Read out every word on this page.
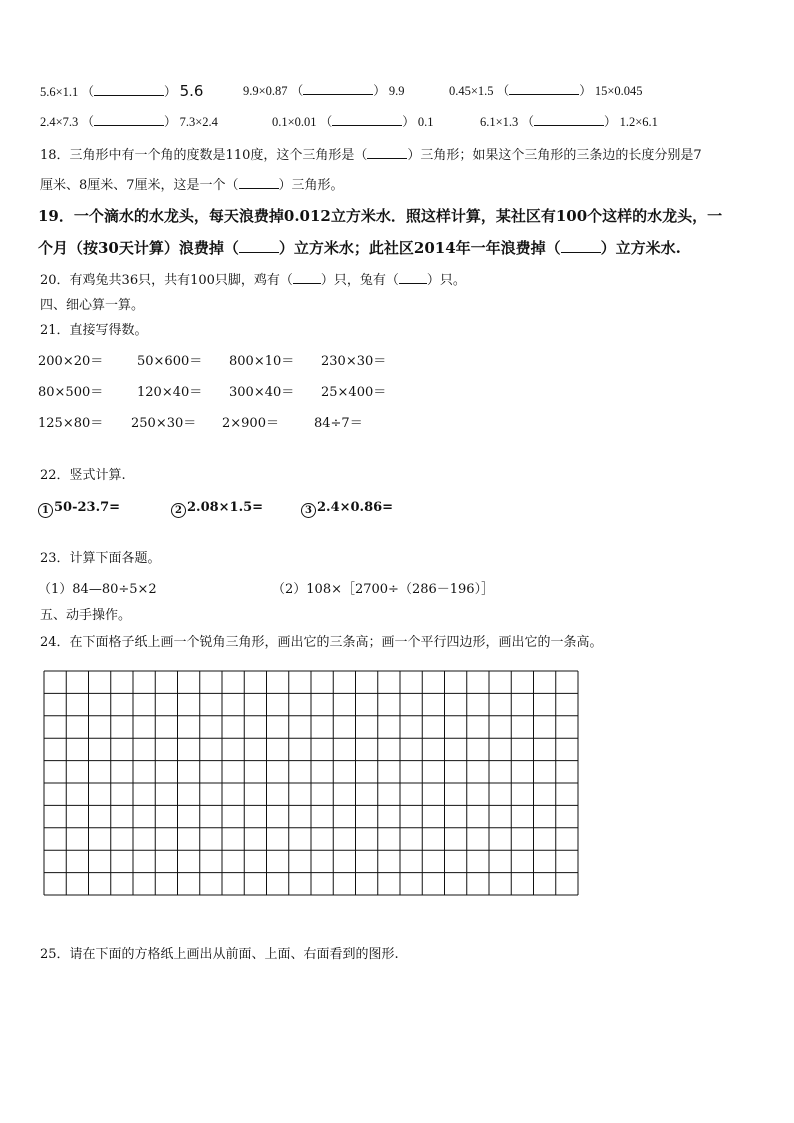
5.6×1.1 （	） 5.6	9.9×0.87 （	） 9.9	0.45×1.5 （	） 15×0.045
2.4×7.3 （	） 7.3×2.4	0.1×0.01 （	） 0.1	6.1×1.3 （	） 1.2×6.1
18．三角形中有一个角的度数是110度，这个三角形是（	）三角形；如果这个三角形的三条边的长度分别是7
厘米、8厘米、7厘米，这是一个（	）三角形。
19．一个滴水的水龙头，每天浪费掉0.012立方米水．照这样计算，某社区有100个这样的水龙头，一
个月（按30天计算）浪费掉（	）立方米水；此社区2014年一年浪费掉（	）立方米水.
20．有鸡兔共36只，共有100只脚，鸡有（ ）只，兔有（ ）只。
四、细心算一算。
21．直接写得数。
200×20＝	50×600＝ 800×10＝ 230×30＝
80×500＝	120×40＝ 300×40＝ 25×400＝
125×80＝ 250×30＝ 2×900＝	84÷7＝
22．竖式计算.
1 50-23.7=	2 2.08×1.5=	3 2.4×0.86=
23．计算下面各题。
（1）84—80÷5×2	（2）108×［2700÷（286－196）］
五、动手操作。
24．在下面格子纸上画一个锐角三角形，画出它的三条高；画一个平行四边形，画出它的一条高。
25．请在下面的方格纸上画出从前面、上面、右面看到的图形.
